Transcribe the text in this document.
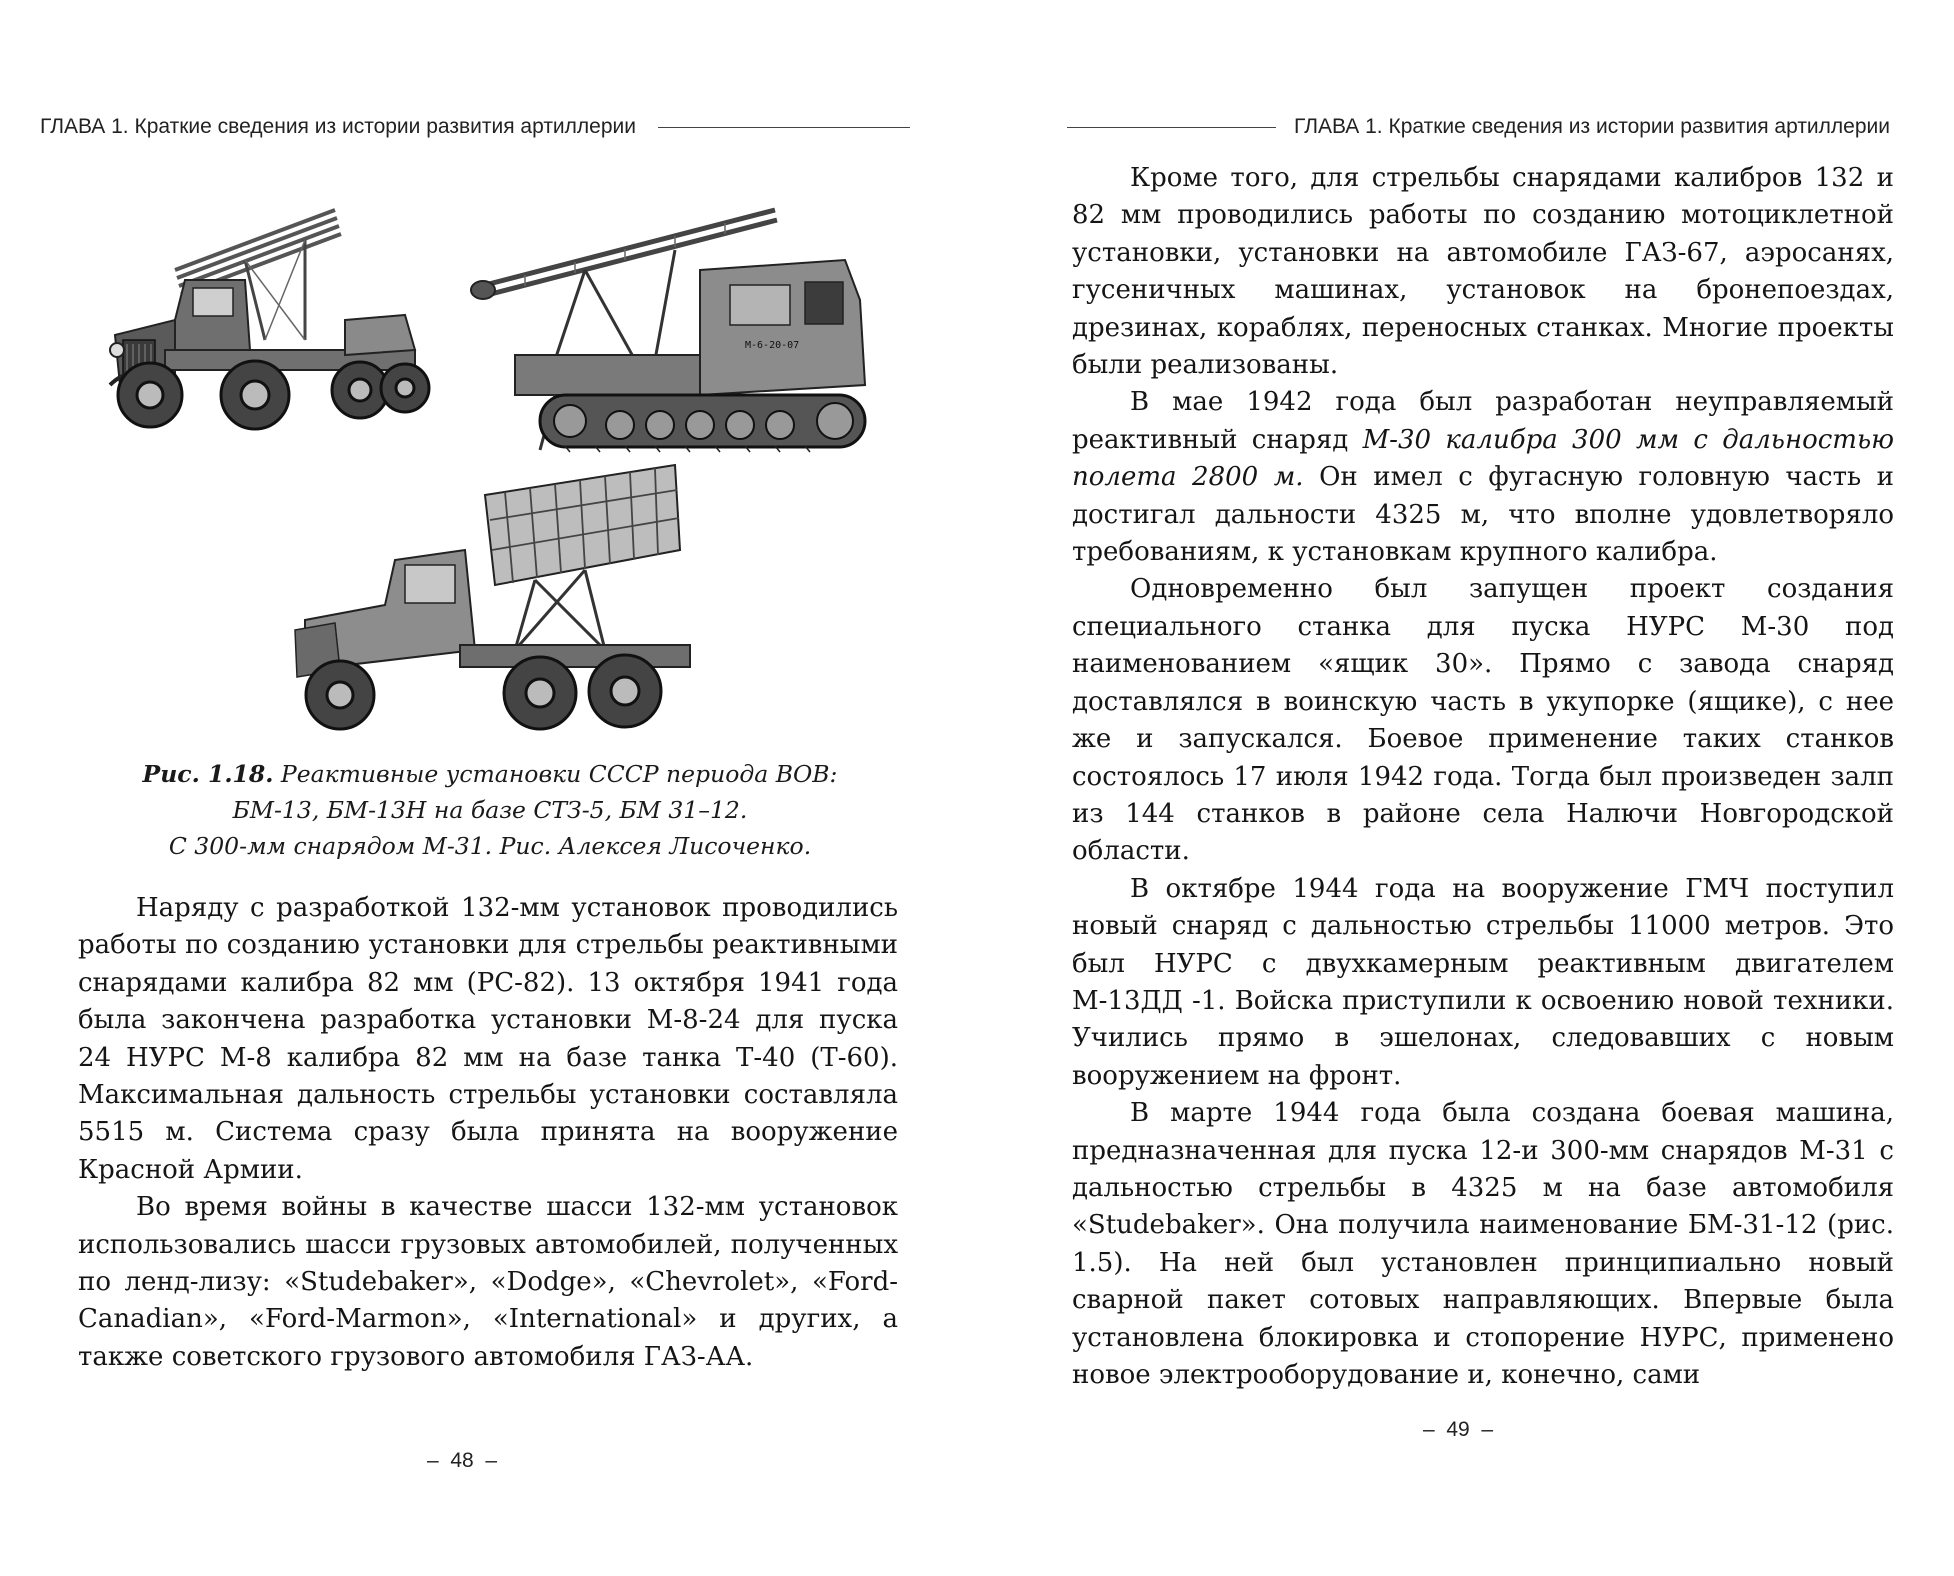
ГЛАВА 1. Краткие сведения из истории развития артиллерии
М-6-20-07
Рис. 1.18. Реактивные установки СССР периода ВОВ:
БМ-13, БМ-13Н на базе СТЗ-5, БМ 31–12.
С 300-мм снарядом М-31. Рис. Алексея Лисоченко.

Наряду с разработкой 132-мм установок проводились работы по созданию установки для стрельбы реактивными снарядами калибра 82 мм (РС-82). 13 октября 1941 года была закончена разработка установки М-8-24 для пуска 24 НУРС М-8 калибра 82 мм на базе танка Т-40 (Т-60). Максимальная дальность стрельбы установки составляла 5515 м. Система сразу была принята на вооружение Красной Армии.

Во время войны в качестве шасси 132-мм установок использовались шасси грузовых автомобилей, полученных по ленд-лизу: «Studebaker», «Dodge», «Chevrolet», «Ford- Canadian», «Ford-Marmon», «International» и других, а также советского грузового автомобиля ГАЗ-АА.

–  48  –
ГЛАВА 1. Краткие сведения из истории развития артиллерии

Кроме того, для стрельбы снарядами калибров 132 и 82 мм проводились работы по созданию мотоциклетной установки, установки на автомобиле ГАЗ-67, аэросанях, гусеничных машинах, установок на бронепоездах, дрезинах, кораблях, переносных станках. Многие проекты были реализованы.

В мае 1942 года был разработан неуправляемый реактивный снаряд М-30 калибра 300 мм с дальностью полета 2800 м. Он имел с фугасную головную часть и достигал дальности 4325 м, что вполне удовлетворяло требованиям, к установкам крупного калибра.

Одновременно был запущен проект создания специального станка для пуска НУРС М-30 под наименованием «ящик 30». Прямо с завода снаряд доставлялся в воинскую часть в укупорке (ящике), с нее же и запускался. Боевое применение таких станков состоялось 17 июля 1942 года. Тогда был произведен залп из 144 станков в районе села Налючи Новгородской области.

В октябре 1944 года на вооружение ГМЧ поступил новый снаряд с дальностью стрельбы 11000 метров. Это был НУРС с двухкамерным реактивным двигателем М-13ДД -1. Войска приступили к освоению новой техники. Учились прямо в эшелонах, следовавших с новым вооружением на фронт.

В марте 1944 года была создана боевая машина, предназначенная для пуска 12-и 300-мм снарядов М-31 с дальностью стрельбы в 4325 м на базе автомобиля «Studebaker». Она получила наименование БМ-31-12 (рис. 1.5). На ней был установлен принципиально новый сварной пакет сотовых направляющих. Впервые была установлена блокировка и стопорение НУРС, применено новое электрооборудование и, конечно, сами

–  49  –
